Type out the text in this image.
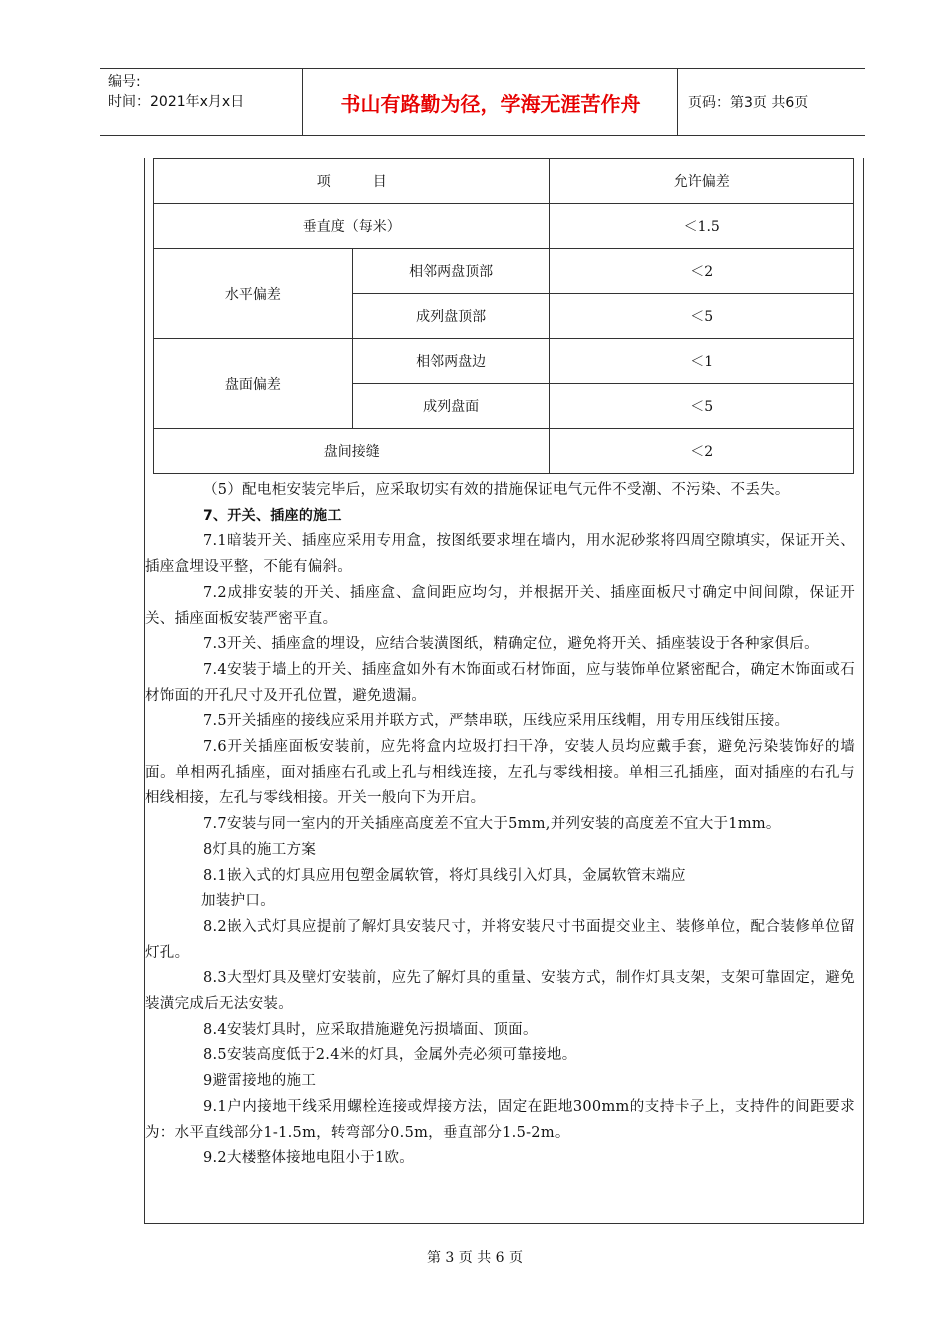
编号:
时间：2021年x月x日	书山有路勤为径，学海无涯苦作舟	页码：第3页 共6页
项　　　目		允许偏差
垂直度（每米）		＜1.5
水平偏差	相邻两盘顶部	＜2
	成列盘顶部	＜5
盘面偏差	相邻两盘边	＜1
	成列盘面	＜5
盘间接缝		＜2

（5）配电柜安装完毕后，应采取切实有效的措施保证电气元件不受潮、不污染、不丢失。

7、开关、插座的施工

7.1暗装开关、插座应采用专用盒，按图纸要求埋在墙内，用水泥砂浆将四周空隙填实，保证开关、插座盒埋设平整，不能有偏斜。

7.2成排安装的开关、插座盒、盒间距应均匀，并根据开关、插座面板尺寸确定中间间隙，保证开关、插座面板安装严密平直。

7.3开关、插座盒的埋设，应结合装潢图纸，精确定位，避免将开关、插座装设于各种家俱后。

7.4安装于墙上的开关、插座盒如外有木饰面或石材饰面，应与装饰单位紧密配合，确定木饰面或石材饰面的开孔尺寸及开孔位置，避免遗漏。

7.5开关插座的接线应采用并联方式，严禁串联，压线应采用压线帽，用专用压线钳压接。

7.6开关插座面板安装前，应先将盒内垃圾打扫干净，安装人员均应戴手套，避免污染装饰好的墙面。单相两孔插座，面对插座右孔或上孔与相线连接，左孔与零线相接。单相三孔插座，面对插座的右孔与相线相接，左孔与零线相接。开关一般向下为开启。

7.7安装与同一室内的开关插座高度差不宜大于5mm,并列安装的高度差不宜大于1mm。

8灯具的施工方案

8.1嵌入式的灯具应用包塑金属软管，将灯具线引入灯具，金属软管末端应

加装护口。

8.2嵌入式灯具应提前了解灯具安装尺寸，并将安装尺寸书面提交业主、装修单位，配合装修单位留灯孔。

8.3大型灯具及壁灯安装前，应先了解灯具的重量、安装方式，制作灯具支架，支架可靠固定，避免装潢完成后无法安装。

8.4安装灯具时，应采取措施避免污损墙面、顶面。

8.5安装高度低于2.4米的灯具，金属外壳必须可靠接地。

9避雷接地的施工

9.1户内接地干线采用螺栓连接或焊接方法，固定在距地300mm的支持卡子上，支持件的间距要求为：水平直线部分1-1.5m，转弯部分0.5m，垂直部分1.5-2m。

9.2大楼整体接地电阻小于1欧。

第 3 页 共 6 页
